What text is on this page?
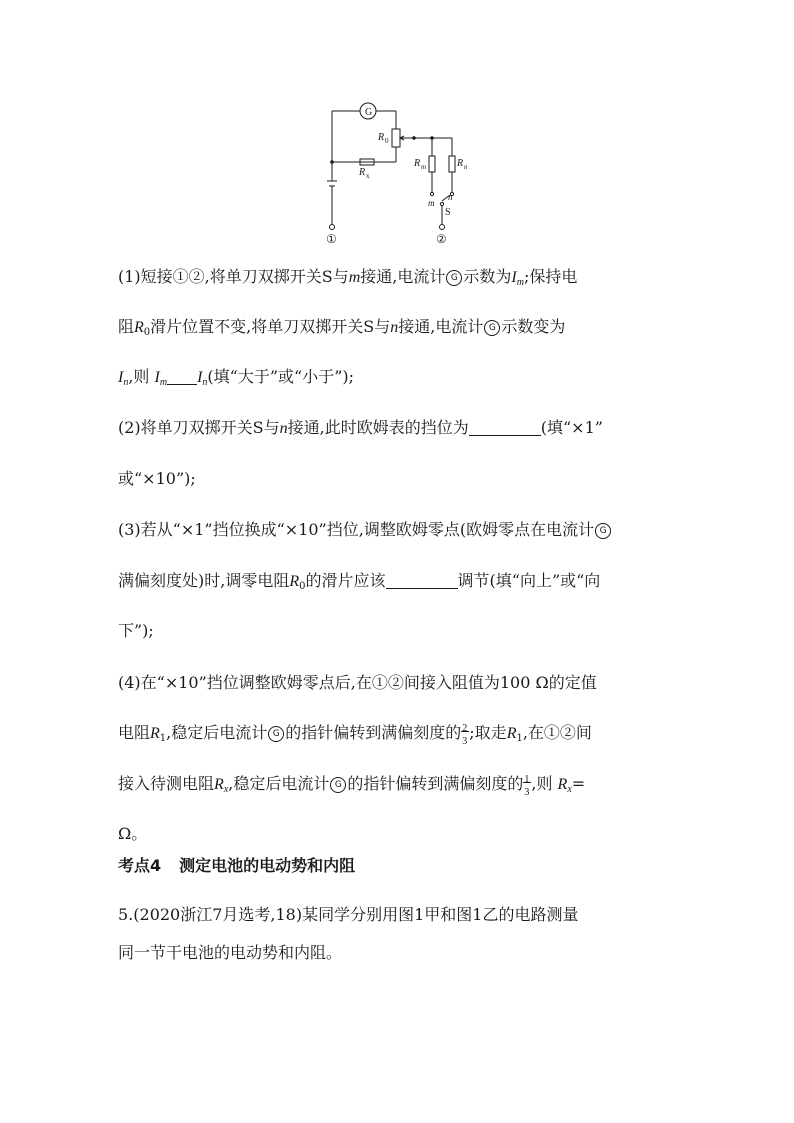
G
R 0
R x
R m	R n
m
n
S
①	②
(1)短接①②,将单刀双掷开关S与m接通,电流计 G 示数为$I_m$;保持电
阻$R_0$滑片位置不变,将单刀双掷开关S与n接通,电流计 G 示数变为
$I_n$,则 $I_m$ $I_n$(填“大于”或“小于”);
(2)将单刀双掷开关S与n接通,此时欧姆表的挡位为	(填“×1”
或“×10”);
(3)若从“×1”挡位换成“×10”挡位,调整欧姆零点(欧姆零点在电流计 G
满偏刻度处)时,调零电阻$R_0$的滑片应该	调节(填“向上”或“向
下”);
(4)在“×10”挡位调整欧姆零点后,在①②间接入阻值为100 Ω的定值
电阻$R_1$,稳定后电流计 G 的指针偏转到满偏刻度的 2
3 ;取走$R_1$,在①②间
接入待测电阻$R_x$,稳定后电流计 G 的指针偏转到满偏刻度的 1
3 ,则 $R_x=$
Ω。
考点4 测定电池的电动势和内阻
5.(2020浙江7月选考,18)某同学分别用图1甲和图1乙的电路测量
同一节干电池的电动势和内阻。
